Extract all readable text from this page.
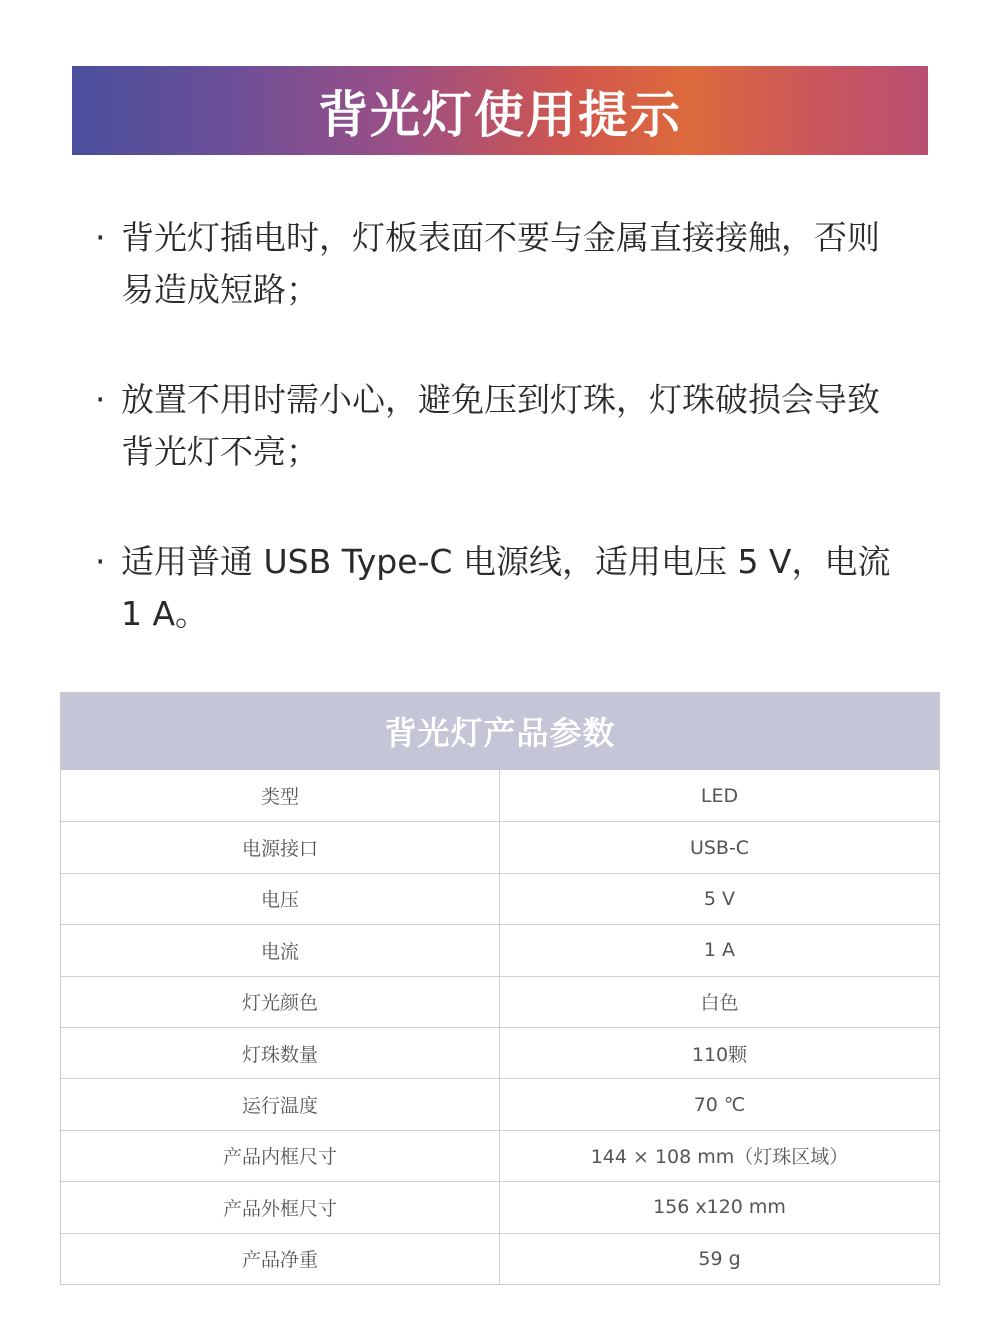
背光灯使用提示
· 背光灯插电时，灯板表面不要与金属直接接触，否则易造成短路；
· 放置不用时需小心，避免压到灯珠，灯珠破损会导致背光灯不亮；
· 适用普通 USB Type-C 电源线，适用电压 5 V，电流 1 A。
背光灯产品参数
类型	LED
电源接口	USB-C
电压	5 V
电流	1 A
灯光颜色	白色
灯珠数量	110颗
运行温度	70 ℃
产品内框尺寸	144 × 108 mm（灯珠区域）
产品外框尺寸	156 x120 mm
产品净重	59 g
